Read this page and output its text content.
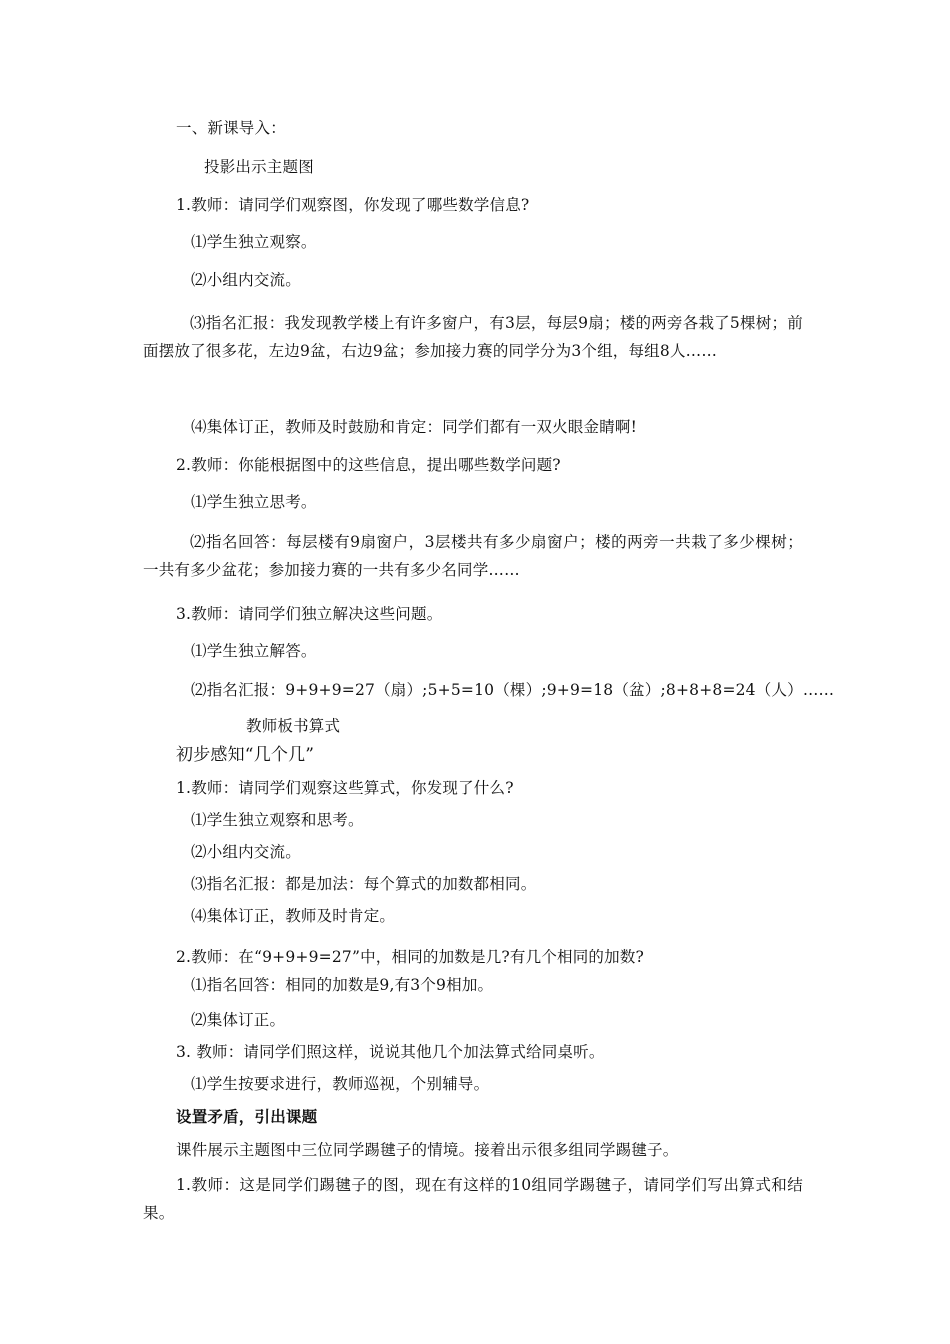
一、新课导入：
投影出示主题图
1.教师：请同学们观察图，你发现了哪些数学信息?
⑴学生独立观察。
⑵小组内交流。
⑶指名汇报：我发现教学楼上有许多窗户，有3层，每层9扇；楼的两旁各栽了5棵树；前面摆放了很多花，左边9盆，右边9盆；参加接力赛的同学分为3个组，每组8人……
⑷集体订正，教师及时鼓励和肯定：同学们都有一双火眼金睛啊!
2.教师：你能根据图中的这些信息，提出哪些数学问题?
⑴学生独立思考。
⑵指名回答：每层楼有9扇窗户，3层楼共有多少扇窗户；楼的两旁一共栽了多少棵树；一共有多少盆花；参加接力赛的一共有多少名同学……
3.教师：请同学们独立解决这些问题。
⑴学生独立解答。
⑵指名汇报：9+9+9=27（扇）;5+5=10（棵）;9+9=18（盆）;8+8+8=24（人）……
教师板书算式
初步感知“几个几”
1.教师：请同学们观察这些算式，你发现了什么?
⑴学生独立观察和思考。
⑵小组内交流。
⑶指名汇报：都是加法：每个算式的加数都相同。
⑷集体订正，教师及时肯定。
2.教师：在“9+9+9=27”中，相同的加数是几?有几个相同的加数?
⑴指名回答：相同的加数是9,有3个9相加。
⑵集体订正。
3. 教师：请同学们照这样，说说其他几个加法算式给同桌听。
⑴学生按要求进行，教师巡视，个别辅导。
设置矛盾，引出课题
课件展示主题图中三位同学踢毽子的情境。接着出示很多组同学踢毽子。
1.教师：这是同学们踢毽子的图，现在有这样的10组同学踢毽子，请同学们写出算式和结果。
